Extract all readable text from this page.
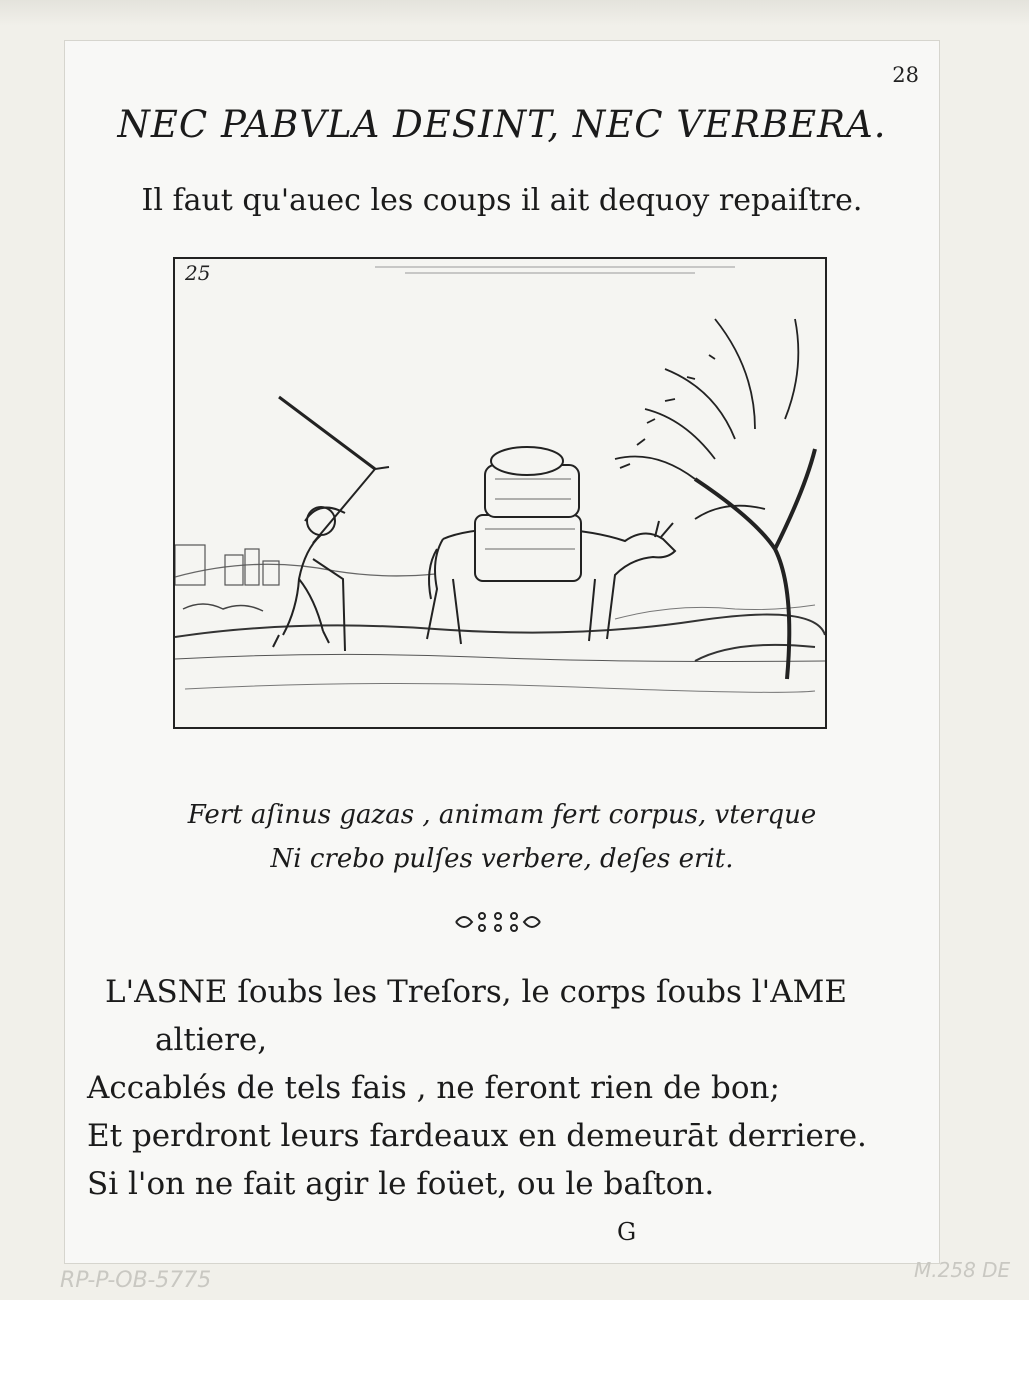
28
NEC PABVLA DESINT, NEC VERBERA.
Il faut qu'auec les coups il ait dequoy repaiſtre.
25
Fert aſinus gazas , animam fert corpus, vterque
Ni crebo pulſes verbere, deſes erit.
L'ASNE ſoubs les Treſors, le corps ſoubs l'AME
altiere,
Accablés de tels fais , ne feront rien de bon;
Et perdront leurs fardeaux en demeurāt derriere.
Si l'on ne fait agir le foüet, ou le baſton.
G
RP-P-OB-5775	M.258 DE
